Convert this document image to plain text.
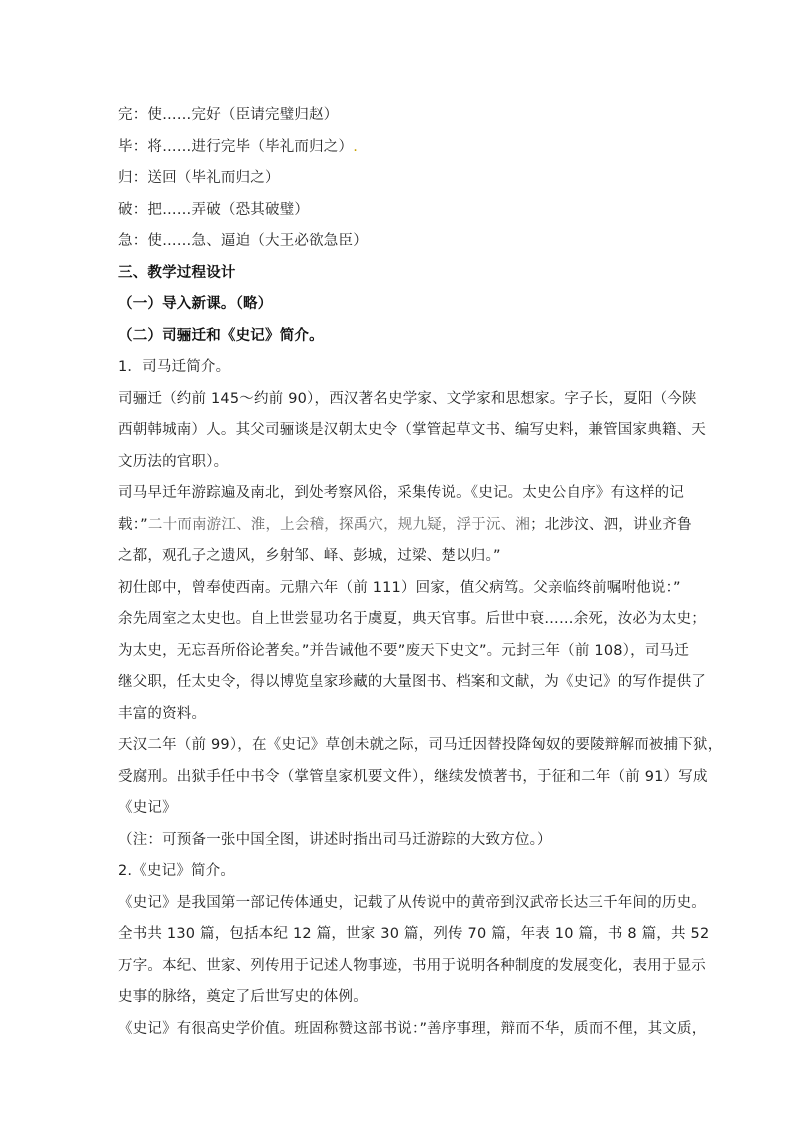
完：使……完好（臣请完璧归赵）
毕：将……进行完毕（毕礼而归之）.
归：送回（毕礼而归之）
破：把……弄破（恐其破璧）
急：使……急、逼迫（大王必欲急臣）
三、教学过程设计
（一）导入新课。（略）
（二）司骊迁和《史记》简介。
1．司马迁简介。
司骊迁（约前 145～约前 90），西汉著名史学家、文学家和思想家。字子长，夏阳（今陕
西朝韩城南）人。其父司骊谈是汉朝太史令（掌管起草文书、编写史料，兼管国家典籍、天
文历法的官职）。
司马早迁年游踪遍及南北，到处考察风俗，采集传说。《史记。太史公自序》有这样的记
载：”二十而南游江、淮，上会稽，探禹穴，规九疑，浮于沅、湘；北涉汶、泗，讲业齐鲁
之都，观孔子之遗风，乡射邹、峄、彭城，过梁、楚以归。”
初仕郎中，曾奉使西南。元鼎六年（前 111）回家，值父病笃。父亲临终前嘱咐他说：”
余先周室之太史也。自上世尝显功名于虞夏，典天官事。后世中衰……余死，汝必为太史；
为太史，无忘吾所俗论著矣。”并告诫他不要”废天下史文”。元封三年（前 108），司马迁
继父职，任太史令，得以博览皇家珍藏的大量图书、档案和文献，为《史记》的写作提供了
丰富的资料。
天汉二年（前 99），在《史记》草创未就之际，司马迁因替投降匈奴的要陵辩解而被捕下狱，
受腐刑。出狱手任中书令（掌管皇家机要文件），继续发愤著书，于征和二年（前 91）写成
《史记》
（注：可预备一张中国全图，讲述时指出司马迁游踪的大致方位。）
2.《史记》简介。
《史记》是我国第一部记传体通史，记载了从传说中的黄帝到汉武帝长达三千年间的历史。
全书共 130 篇，包括本纪 12 篇，世家 30 篇，列传 70 篇，年表 10 篇，书 8 篇，共 52
万字。本纪、世家、列传用于记述人物事迹，书用于说明各种制度的发展变化，表用于显示
史事的脉络，奠定了后世写史的体例。
《史记》有很高史学价值。班固称赞这部书说：”善序事理，辩而不华，质而不俚，其文质，
